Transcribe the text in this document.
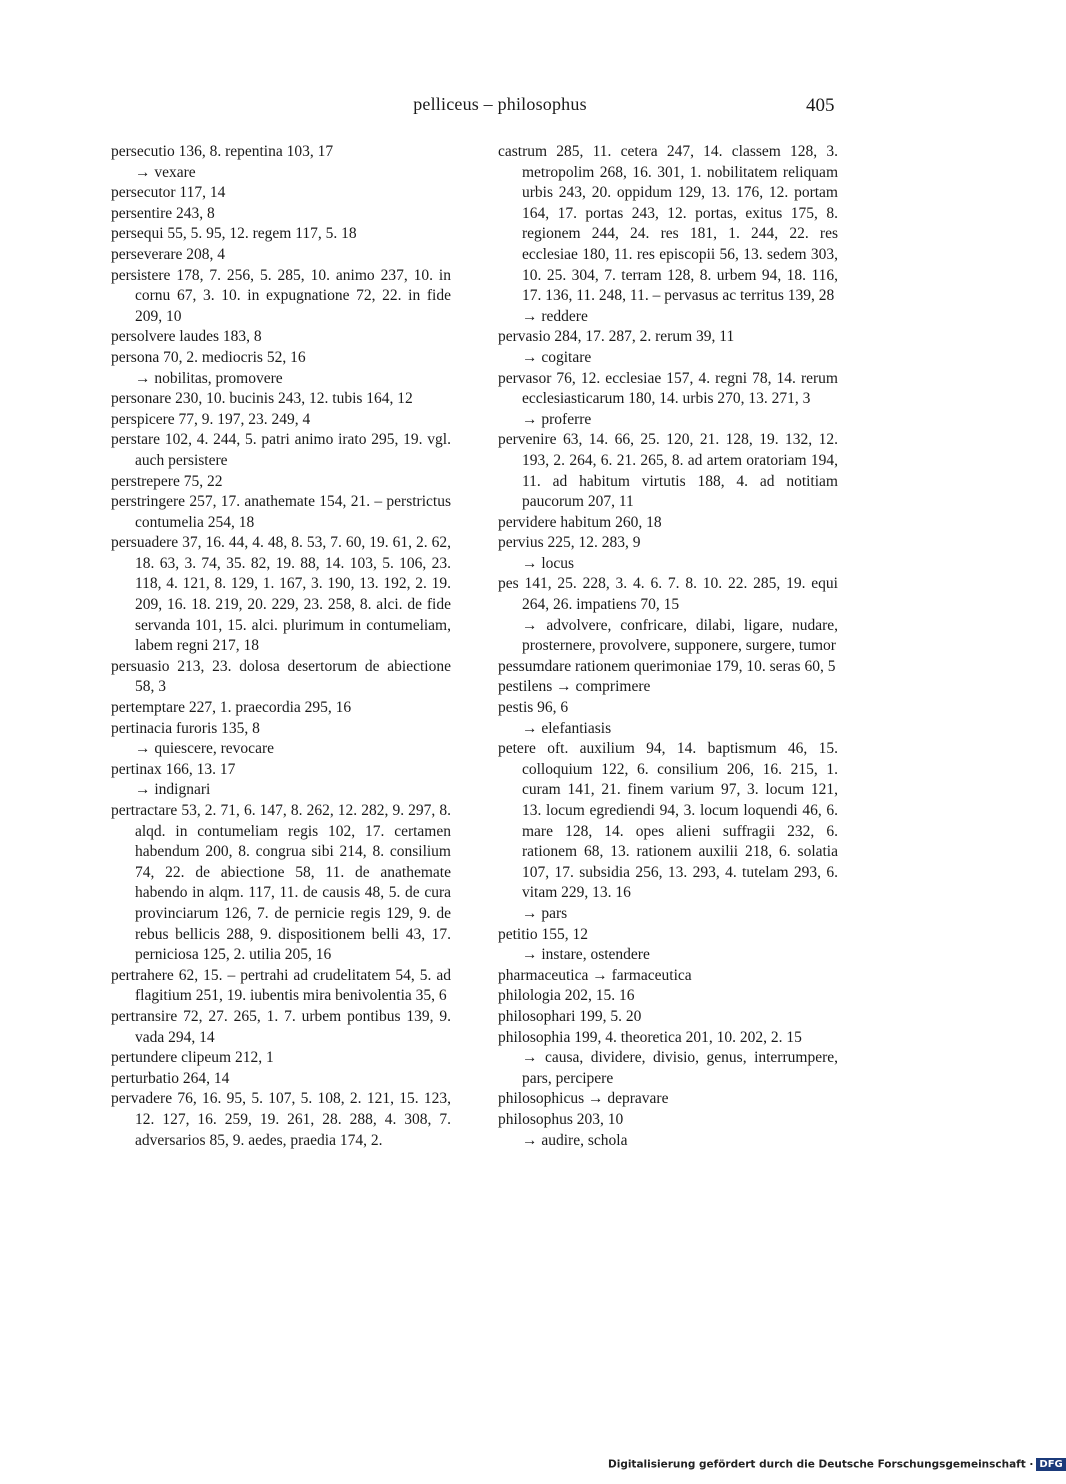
pelliceus – philosophus	405
persecutio 136, 8. repentina 103, 17
→ vexare
persecutor 117, 14
persentire 243, 8
persequi 55, 5. 95, 12. regem 117, 5. 18
perseverare 208, 4
persistere 178, 7. 256, 5. 285, 10. animo 237, 10. in cornu 67, 3. 10. in expugnatione 72, 22. in fide 209, 10
persolvere laudes 183, 8
persona 70, 2. mediocris 52, 16
→ nobilitas, promovere
personare 230, 10. bucinis 243, 12. tubis 164, 12
perspicere 77, 9. 197, 23. 249, 4
perstare 102, 4. 244, 5. patri animo irato 295, 19. vgl. auch persistere
perstrepere 75, 22
perstringere 257, 17. anathemate 154, 21. – perstrictus contumelia 254, 18
persuadere 37, 16. 44, 4. 48, 8. 53, 7. 60, 19. 61, 2. 62, 18. 63, 3. 74, 35. 82, 19. 88, 14. 103, 5. 106, 23. 118, 4. 121, 8. 129, 1. 167, 3. 190, 13. 192, 2. 19. 209, 16. 18. 219, 20. 229, 23. 258, 8. alci. de fide servanda 101, 15. alci. plurimum in contumeliam, labem regni 217, 18
persuasio 213, 23. dolosa desertorum de abiectione 58, 3
pertemptare 227, 1. praecordia 295, 16
pertinacia furoris 135, 8
→ quiescere, revocare
pertinax 166, 13. 17
→ indignari
pertractare 53, 2. 71, 6. 147, 8. 262, 12. 282, 9. 297, 8. alqd. in contumeliam regis 102, 17. certamen habendum 200, 8. congrua sibi 214, 8. consilium 74, 22. de abiectione 58, 11. de anathemate habendo in alqm. 117, 11. de causis 48, 5. de cura provinciarum 126, 7. de pernicie regis 129, 9. de rebus bellicis 288, 9. dispositionem belli 43, 17. perniciosa 125, 2. utilia 205, 16
pertrahere 62, 15. – pertrahi ad crudelitatem 54, 5. ad flagitium 251, 19. iubentis mira benivolentia 35, 6
pertransire 72, 27. 265, 1. 7. urbem pontibus 139, 9. vada 294, 14
pertundere clipeum 212, 1
perturbatio 264, 14
pervadere 76, 16. 95, 5. 107, 5. 108, 2. 121, 15. 123, 12. 127, 16. 259, 19. 261, 28. 288, 4. 308, 7. adversarios 85, 9. aedes, praedia 174, 2.
castrum 285, 11. cetera 247, 14. classem 128, 3. metropolim 268, 16. 301, 1. nobilitatem reliquam urbis 243, 20. oppidum 129, 13. 176, 12. portam 164, 17. portas 243, 12. portas, exitus 175, 8. regionem 244, 24. res 181, 1. 244, 22. res ecclesiae 180, 11. res episcopii 56, 13. sedem 303, 10. 25. 304, 7. terram 128, 8. urbem 94, 18. 116, 17. 136, 11. 248, 11. – pervasus ac territus 139, 28
→ reddere
pervasio 284, 17. 287, 2. rerum 39, 11
→ cogitare
pervasor 76, 12. ecclesiae 157, 4. regni 78, 14. rerum ecclesiasticarum 180, 14. urbis 270, 13. 271, 3
→ proferre
pervenire 63, 14. 66, 25. 120, 21. 128, 19. 132, 12. 193, 2. 264, 6. 21. 265, 8. ad artem oratoriam 194, 11. ad habitum virtutis 188, 4. ad notitiam paucorum 207, 11
pervidere habitum 260, 18
pervius 225, 12. 283, 9
→ locus
pes 141, 25. 228, 3. 4. 6. 7. 8. 10. 22. 285, 19. equi 264, 26. impatiens 70, 15
→ advolvere, confricare, dilabi, ligare, nudare, prosternere, provolvere, supponere, surgere, tumor
pessumdare rationem querimoniae 179, 10. seras 60, 5
pestilens → comprimere
pestis 96, 6
→ elefantiasis
petere oft. auxilium 94, 14. baptismum 46, 15. colloquium 122, 6. consilium 206, 16. 215, 1. curam 141, 21. finem varium 97, 3. locum 121, 13. locum egrediendi 94, 3. locum loquendi 46, 6. mare 128, 14. opes alieni suffragii 232, 6. rationem 68, 13. rationem auxilii 218, 6. solatia 107, 17. subsidia 256, 13. 293, 4. tutelam 293, 6. vitam 229, 13. 16
→ pars
petitio 155, 12
→ instare, ostendere
pharmaceutica → farmaceutica
philologia 202, 15. 16
philosophari 199, 5. 20
philosophia 199, 4. theoretica 201, 10. 202, 2. 15
→ causa, dividere, divisio, genus, interrumpere, pars, percipere
philosophicus → depravare
philosophus 203, 10
→ audire, schola
Digitalisierung gefördert durch die Deutsche Forschungsgemeinschaft · DFG
